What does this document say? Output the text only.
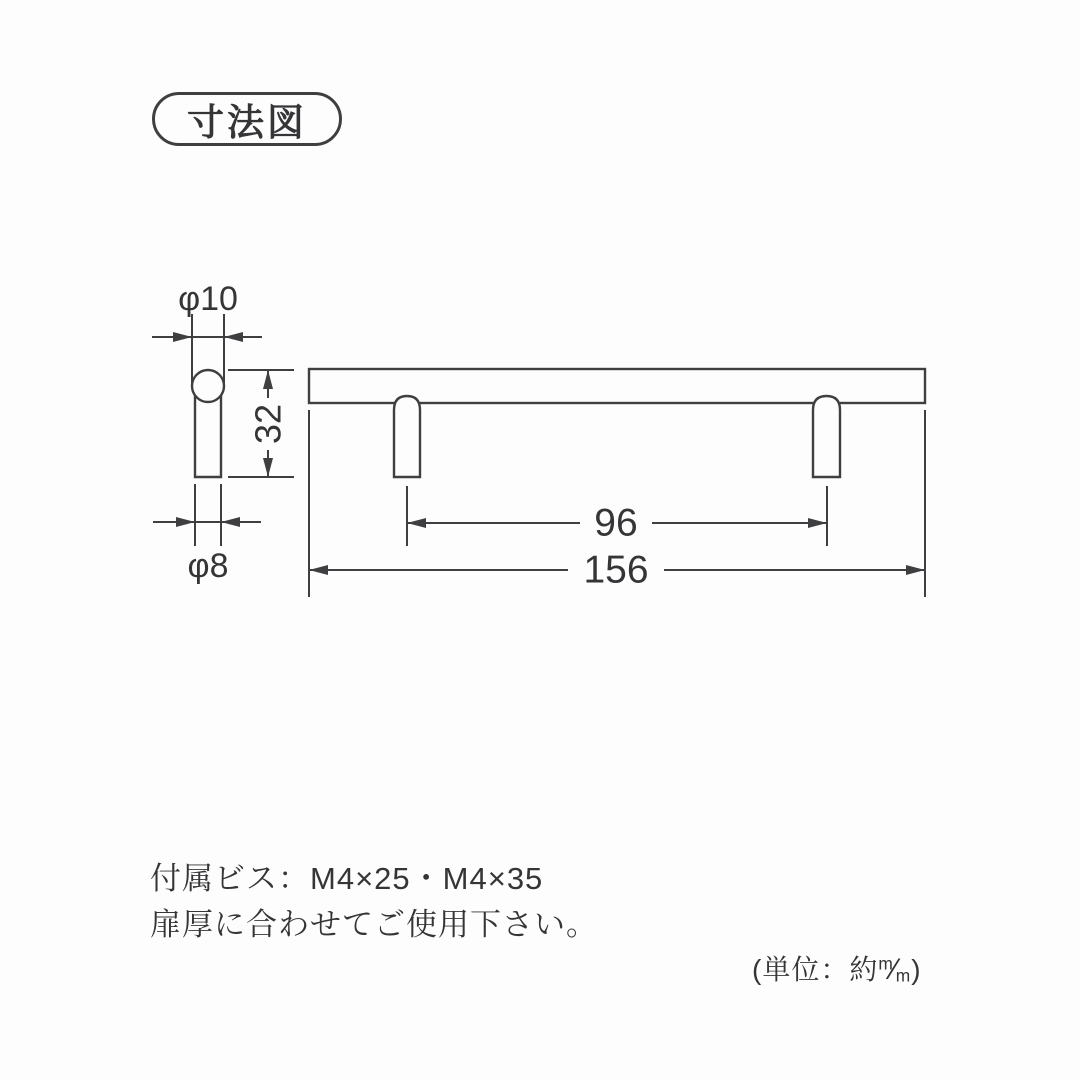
寸法図
φ10
32
φ8
96
156
付属ビス：M4×25・M4×35
扉厚に合わせてご使用下さい。
(単位：約$^m⁄_m$)
